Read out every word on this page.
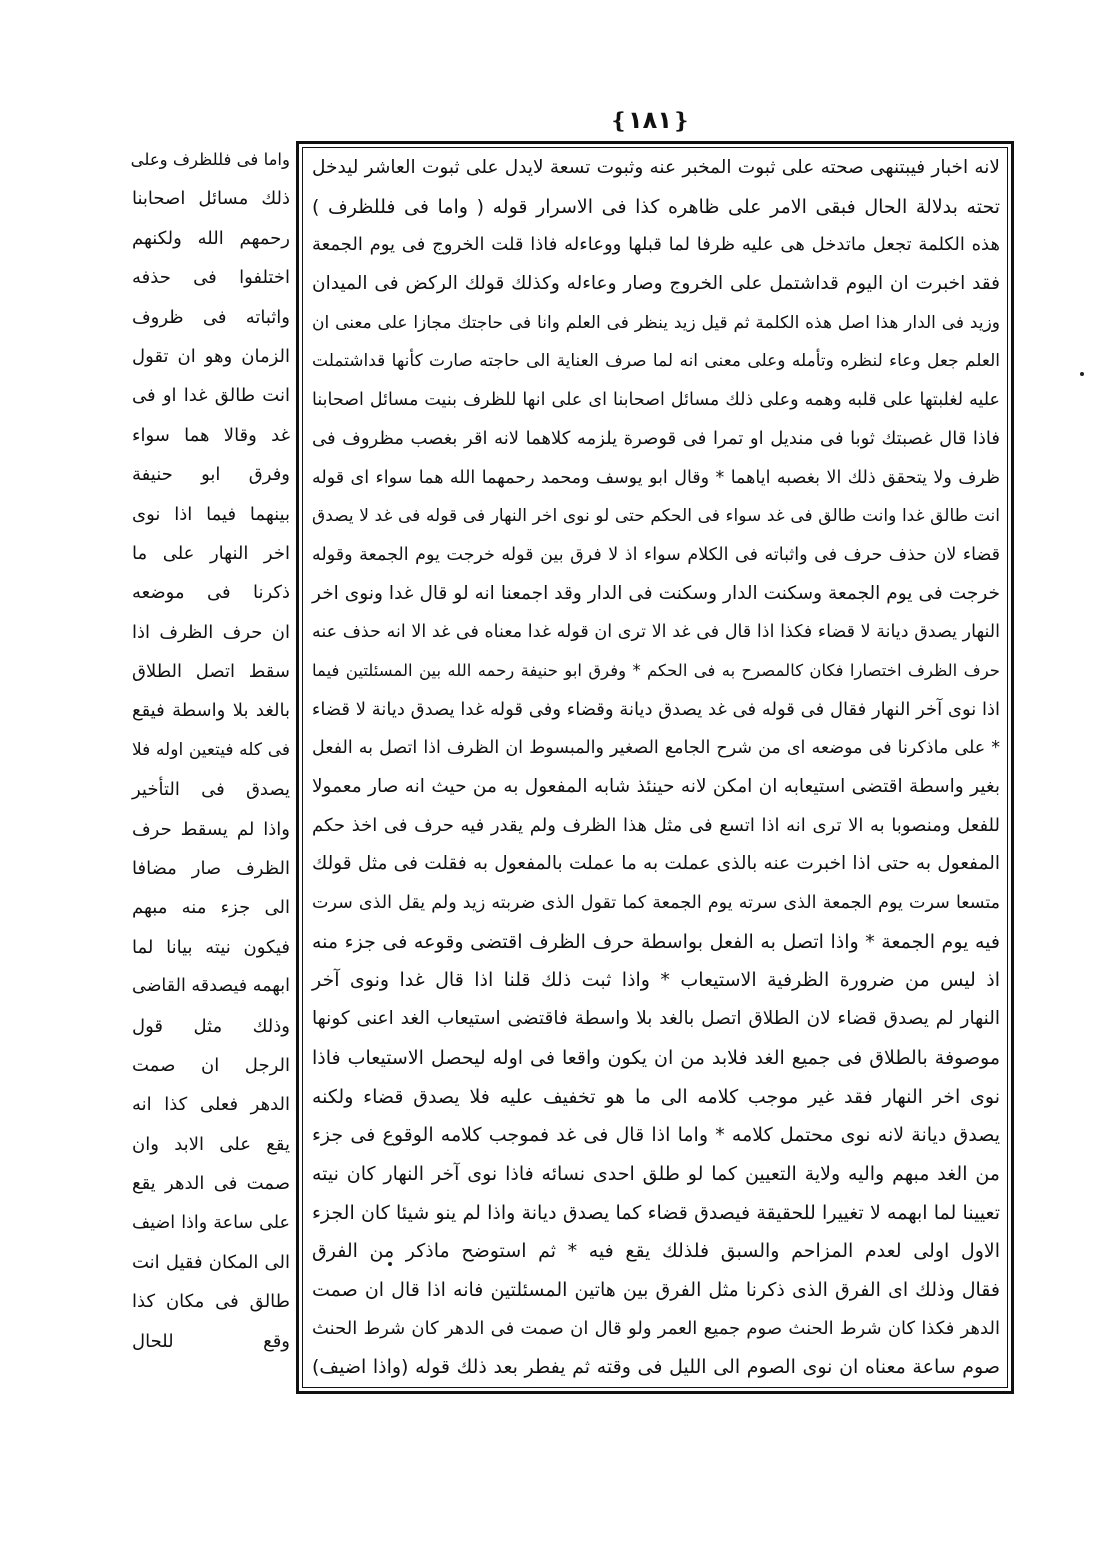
❴۱۸۱❵
لانه اخبار فيبتنهى صحته على ثبوت المخبر عنه وثبوت تسعة لايدل على ثبوت العاشر ليدخل
تحته بدلالة الحال فبقى الامر على ظاهره كذا فى الاسرار قوله ( واما فى فللظرف )
هذه الكلمة تجعل ماتدخل هى عليه ظرفا لما قبلها ووعاءله فاذا قلت الخروج فى يوم الجمعة
فقد اخبرت ان اليوم قداشتمل على الخروج وصار وعاءله وكذلك قولك الركض فى الميدان
وزيد فى الدار هذا اصل هذه الكلمة ثم قيل زيد ينظر فى العلم وانا فى حاجتك مجازا على معنى ان
العلم جعل وعاء لنظره وتأمله وعلى معنى انه لما صرف العناية الى حاجته صارت كأنها قداشتملت
عليه لغلبتها على قلبه وهمه وعلى ذلك مسائل اصحابنا اى على انها للظرف بنيت مسائل اصحابنا
فاذا قال غصبتك ثوبا فى منديل او تمرا فى قوصرة يلزمه كلاهما لانه اقر بغصب مظروف فى
ظرف ولا يتحقق ذلك الا بغصبه اياهما * وقال ابو يوسف ومحمد رحمهما الله هما سواء اى قوله
انت طالق غدا وانت طالق فى غد سواء فى الحكم حتى لو نوى اخر النهار فى قوله فى غد لا يصدق
قضاء لان حذف حرف فى واثباته فى الكلام سواء اذ لا فرق بين قوله خرجت يوم الجمعة وقوله
خرجت فى يوم الجمعة وسكنت الدار وسكنت فى الدار وقد اجمعنا انه لو قال غدا ونوى اخر
النهار يصدق ديانة لا قضاء فكذا اذا قال فى غد الا ترى ان قوله غدا معناه فى غد الا انه حذف عنه
حرف الظرف اختصارا فكان كالمصرح به فى الحكم * وفرق ابو حنيفة رحمه الله بين المسئلتين فيما
اذا نوى آخر النهار فقال فى قوله فى غد يصدق ديانة وقضاء وفى قوله غدا يصدق ديانة لا قضاء
* على ماذكرنا فى موضعه اى من شرح الجامع الصغير والمبسوط ان الظرف اذا اتصل به الفعل
بغير واسطة اقتضى استيعابه ان امكن لانه حينئذ شابه المفعول به من حيث انه صار معمولا
للفعل ومنصوبا به الا ترى انه اذا اتسع فى مثل هذا الظرف ولم يقدر فيه حرف فى اخذ حكم
المفعول به حتى اذا اخبرت عنه بالذى عملت به ما عملت بالمفعول به فقلت فى مثل قولك
متسعا سرت يوم الجمعة الذى سرته يوم الجمعة كما تقول الذى ضربته زيد ولم يقل الذى سرت
فيه يوم الجمعة * واذا اتصل به الفعل بواسطة حرف الظرف اقتضى وقوعه فى جزء منه
اذ ليس من ضرورة الظرفية الاستيعاب * واذا ثبت ذلك قلنا اذا قال غدا ونوى آخر
النهار لم يصدق قضاء لان الطلاق اتصل بالغد بلا واسطة فاقتضى استيعاب الغد اعنى كونها
موصوفة بالطلاق فى جميع الغد فلابد من ان يكون واقعا فى اوله ليحصل الاستيعاب فاذا
نوى اخر النهار فقد غير موجب كلامه الى ما هو تخفيف عليه فلا يصدق قضاء ولكنه
يصدق ديانة لانه نوى محتمل كلامه * واما اذا قال فى غد فموجب كلامه الوقوع فى جزء
من الغد مبهم واليه ولاية التعيين كما لو طلق احدى نسائه فاذا نوى آخر النهار كان نيته
تعيينا لما ابهمه لا تغييرا للحقيقة فيصدق قضاء كما يصدق ديانة واذا لم ينو شيئا كان الجزء
الاول اولى لعدم المزاحم والسبق فلذلك يقع فيه * ثم استوضح ماذكر من الفرق
فقال وذلك اى الفرق الذى ذكرنا مثل الفرق بين هاتين المسئلتين فانه اذا قال ان صمت
الدهر فكذا كان شرط الحنث صوم جميع العمر ولو قال ان صمت فى الدهر كان شرط الحنث
صوم ساعة معناه ان نوى الصوم الى الليل فى وقته ثم يفطر بعد ذلك قوله (واذا اضيف)
واما فى فللظرف وعلى
ذلك مسائل اصحابنا
رحمهم الله ولكنهم
اختلفوا فى حذفه
واثباته فى ظروف
الزمان وهو ان تقول
انت طالق غدا او فى
غد وقالا هما سواء
وفرق ابو حنيفة
بينهما فيما اذا نوى
اخر النهار على ما
ذكرنا فى موضعه
ان حرف الظرف اذا
سقط اتصل الطلاق
بالغد بلا واسطة فيقع
فى كله فيتعين اوله فلا
يصدق فى التأخير
واذا لم يسقط حرف
الظرف صار مضافا
الى جزء منه مبهم
فيكون نيته بيانا لما
ابهمه فيصدقه القاضى
وذلك مثل قول
الرجل ان صمت
الدهر فعلى كذا انه
يقع على الابد وان
صمت فى الدهر يقع
على ساعة واذا اضيف
الى المكان فقيل انت
طالق فى مكان كذا
وقع للحال
